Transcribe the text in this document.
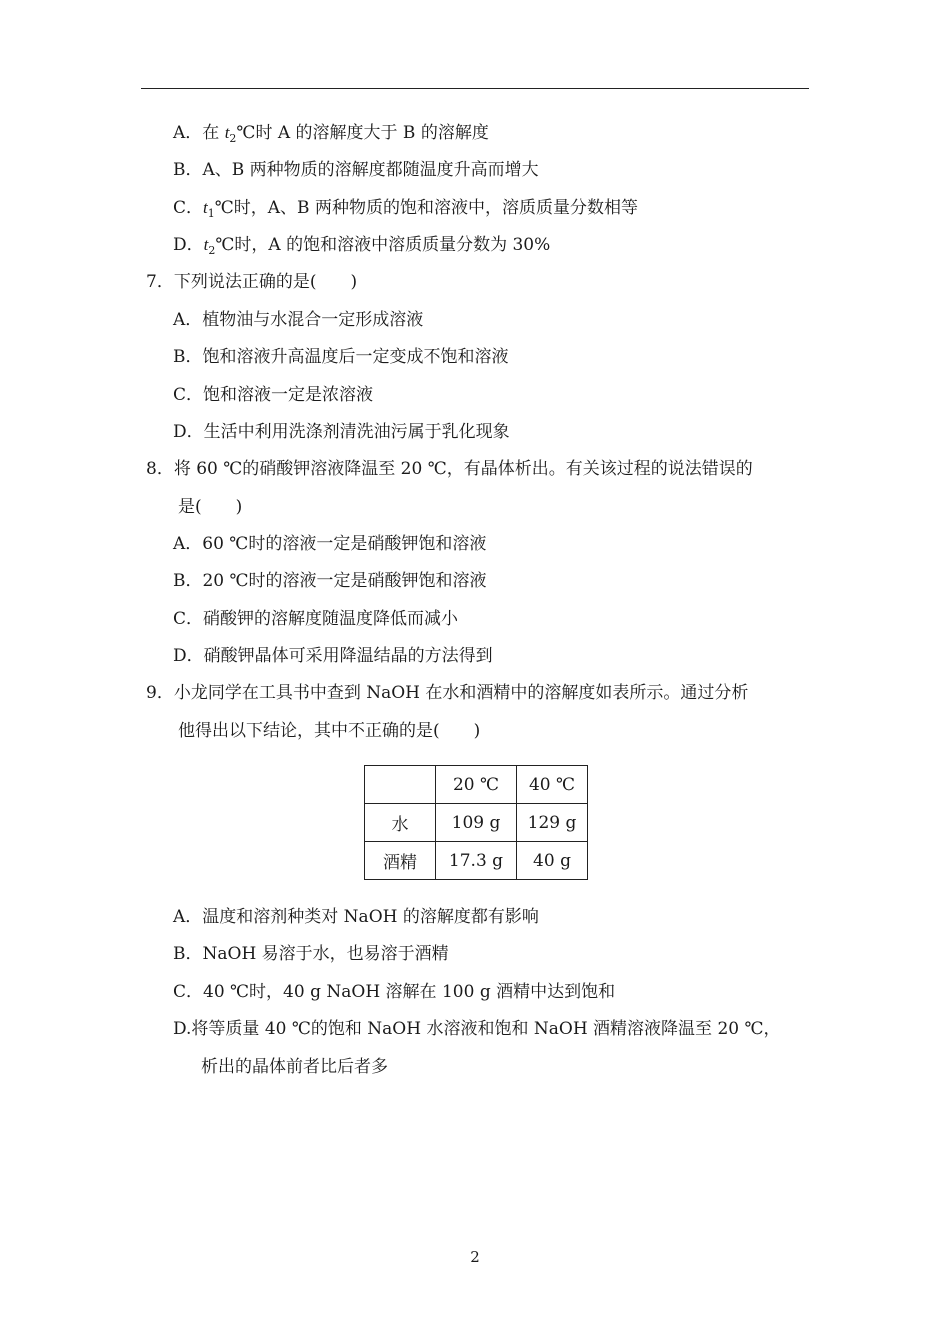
A．在 $t_2℃$时 A 的溶解度大于 B 的溶解度
B．A、B 两种物质的溶解度都随温度升高而增大
C．$t_1℃$时，A、B 两种物质的饱和溶液中，溶质质量分数相等
D．$t_2℃$时，A 的饱和溶液中溶质质量分数为 30%
7．下列说法正确的是(　　)
A．植物油与水混合一定形成溶液
B．饱和溶液升高温度后一定变成不饱和溶液
C．饱和溶液一定是浓溶液
D．生活中利用洗涤剂清洗油污属于乳化现象
8．将 60 ℃的硝酸钾溶液降温至 20 ℃，有晶体析出。有关该过程的说法错误的
是(　　)
A．60 ℃时的溶液一定是硝酸钾饱和溶液
B．20 ℃时的溶液一定是硝酸钾饱和溶液
C．硝酸钾的溶解度随温度降低而减小
D．硝酸钾晶体可采用降温结晶的方法得到
9．小龙同学在工具书中查到 NaOH 在水和酒精中的溶解度如表所示。通过分析
他得出以下结论，其中不正确的是(　　)
	20 ℃	40 ℃
水	109 g	129 g
酒精	17.3 g	40 g
A．温度和溶剂种类对 NaOH 的溶解度都有影响
B．NaOH 易溶于水，也易溶于酒精
C．40 ℃时，40 g NaOH 溶解在 100 g 酒精中达到饱和
D.将等质量 40 ℃的饱和 NaOH 水溶液和饱和 NaOH 酒精溶液降温至 20 ℃，
析出的晶体前者比后者多
2
